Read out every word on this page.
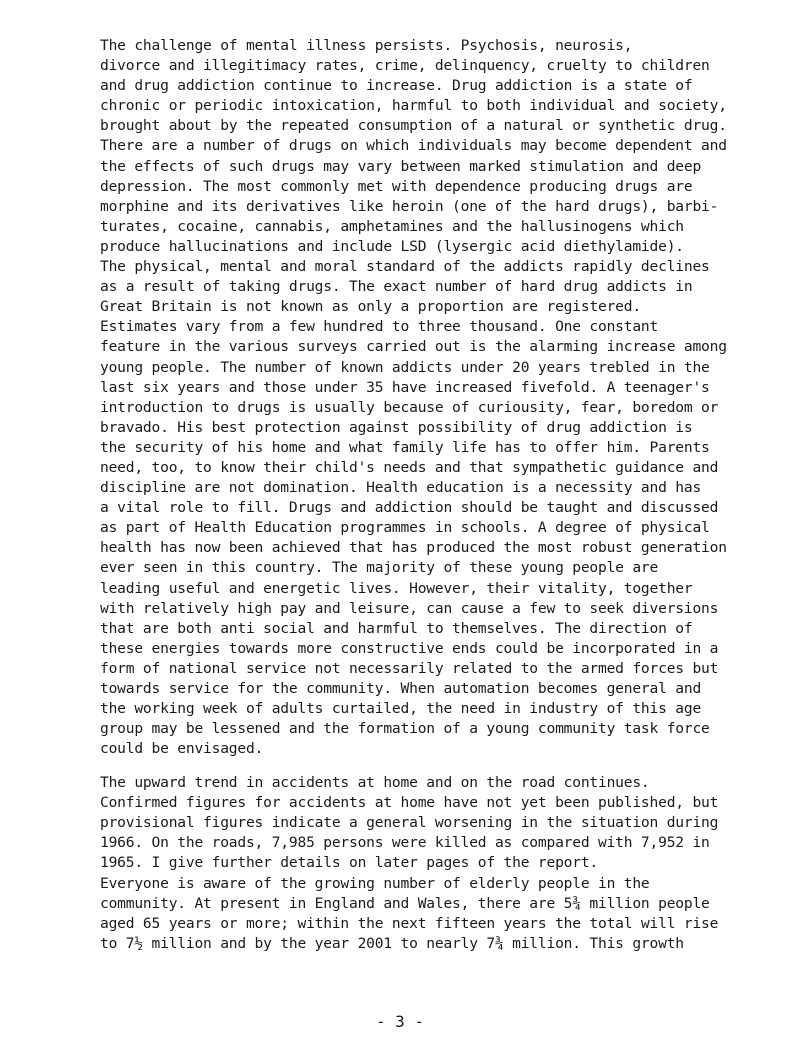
The challenge of mental illness persists. Psychosis, neurosis,
divorce and illegitimacy rates, crime, delinquency, cruelty to children
and drug addiction continue to increase. Drug addiction is a state of
chronic or periodic intoxication, harmful to both individual and society,
brought about by the repeated consumption of a natural or synthetic drug.
There are a number of drugs on which individuals may become dependent and
the effects of such drugs may vary between marked stimulation and deep
depression. The most commonly met with dependence producing drugs are
morphine and its derivatives like heroin (one of the hard drugs), barbi-
turates, cocaine, cannabis, amphetamines and the hallusinogens which
produce hallucinations and include LSD (lysergic acid diethylamide).
The physical, mental and moral standard of the addicts rapidly declines
as a result of taking drugs. The exact number of hard drug addicts in
Great Britain is not known as only a proportion are registered.
Estimates vary from a few hundred to three thousand. One constant
feature in the various surveys carried out is the alarming increase among
young people. The number of known addicts under 20 years trebled in the
last six years and those under 35 have increased fivefold. A teenager's
introduction to drugs is usually because of curiousity, fear, boredom or
bravado. His best protection against possibility of drug addiction is
the security of his home and what family life has to offer him. Parents
need, too, to know their child's needs and that sympathetic guidance and
discipline are not domination. Health education is a necessity and has
a vital role to fill. Drugs and addiction should be taught and discussed
as part of Health Education programmes in schools. A degree of physical
health has now been achieved that has produced the most robust generation
ever seen in this country. The majority of these young people are
leading useful and energetic lives. However, their vitality, together
with relatively high pay and leisure, can cause a few to seek diversions
that are both anti social and harmful to themselves. The direction of
these energies towards more constructive ends could be incorporated in a
form of national service not necessarily related to the armed forces but
towards service for the community. When automation becomes general and
the working week of adults curtailed, the need in industry of this age
group may be lessened and the formation of a young community task force
could be envisaged.
The upward trend in accidents at home and on the road continues.
Confirmed figures for accidents at home have not yet been published, but
provisional figures indicate a general worsening in the situation during
1966. On the roads, 7,985 persons were killed as compared with 7,952 in
1965. I give further details on later pages of the report.
Everyone is aware of the growing number of elderly people in the
community. At present in England and Wales, there are 5¾ million people
aged 65 years or more; within the next fifteen years the total will rise
to 7½ million and by the year 2001 to nearly 7¾ million. This growth
- 3 -
